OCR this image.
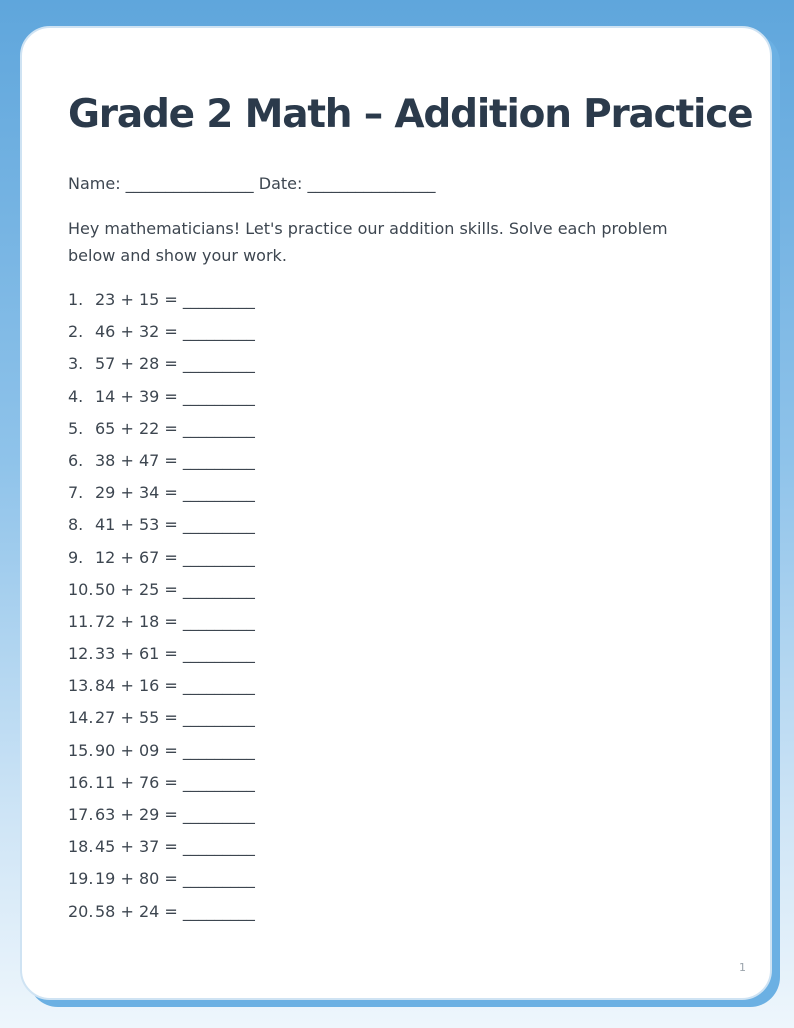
Grade 2 Math – Addition Practice
Name: ________________ Date: ________________

Hey mathematicians! Let's practice our addition skills. Solve each problem below and show your work.

1. 23 + 15 = _________
2. 46 + 32 = _________
3. 57 + 28 = _________
4. 14 + 39 = _________
5. 65 + 22 = _________
6. 38 + 47 = _________
7. 29 + 34 = _________
8. 41 + 53 = _________
9. 12 + 67 = _________
10.50 + 25 = _________
11.72 + 18 = _________
12.33 + 61 = _________
13.84 + 16 = _________
14.27 + 55 = _________
15.90 + 09 = _________
16.11 + 76 = _________
17.63 + 29 = _________
18.45 + 37 = _________
19.19 + 80 = _________
20.58 + 24 = _________
1
